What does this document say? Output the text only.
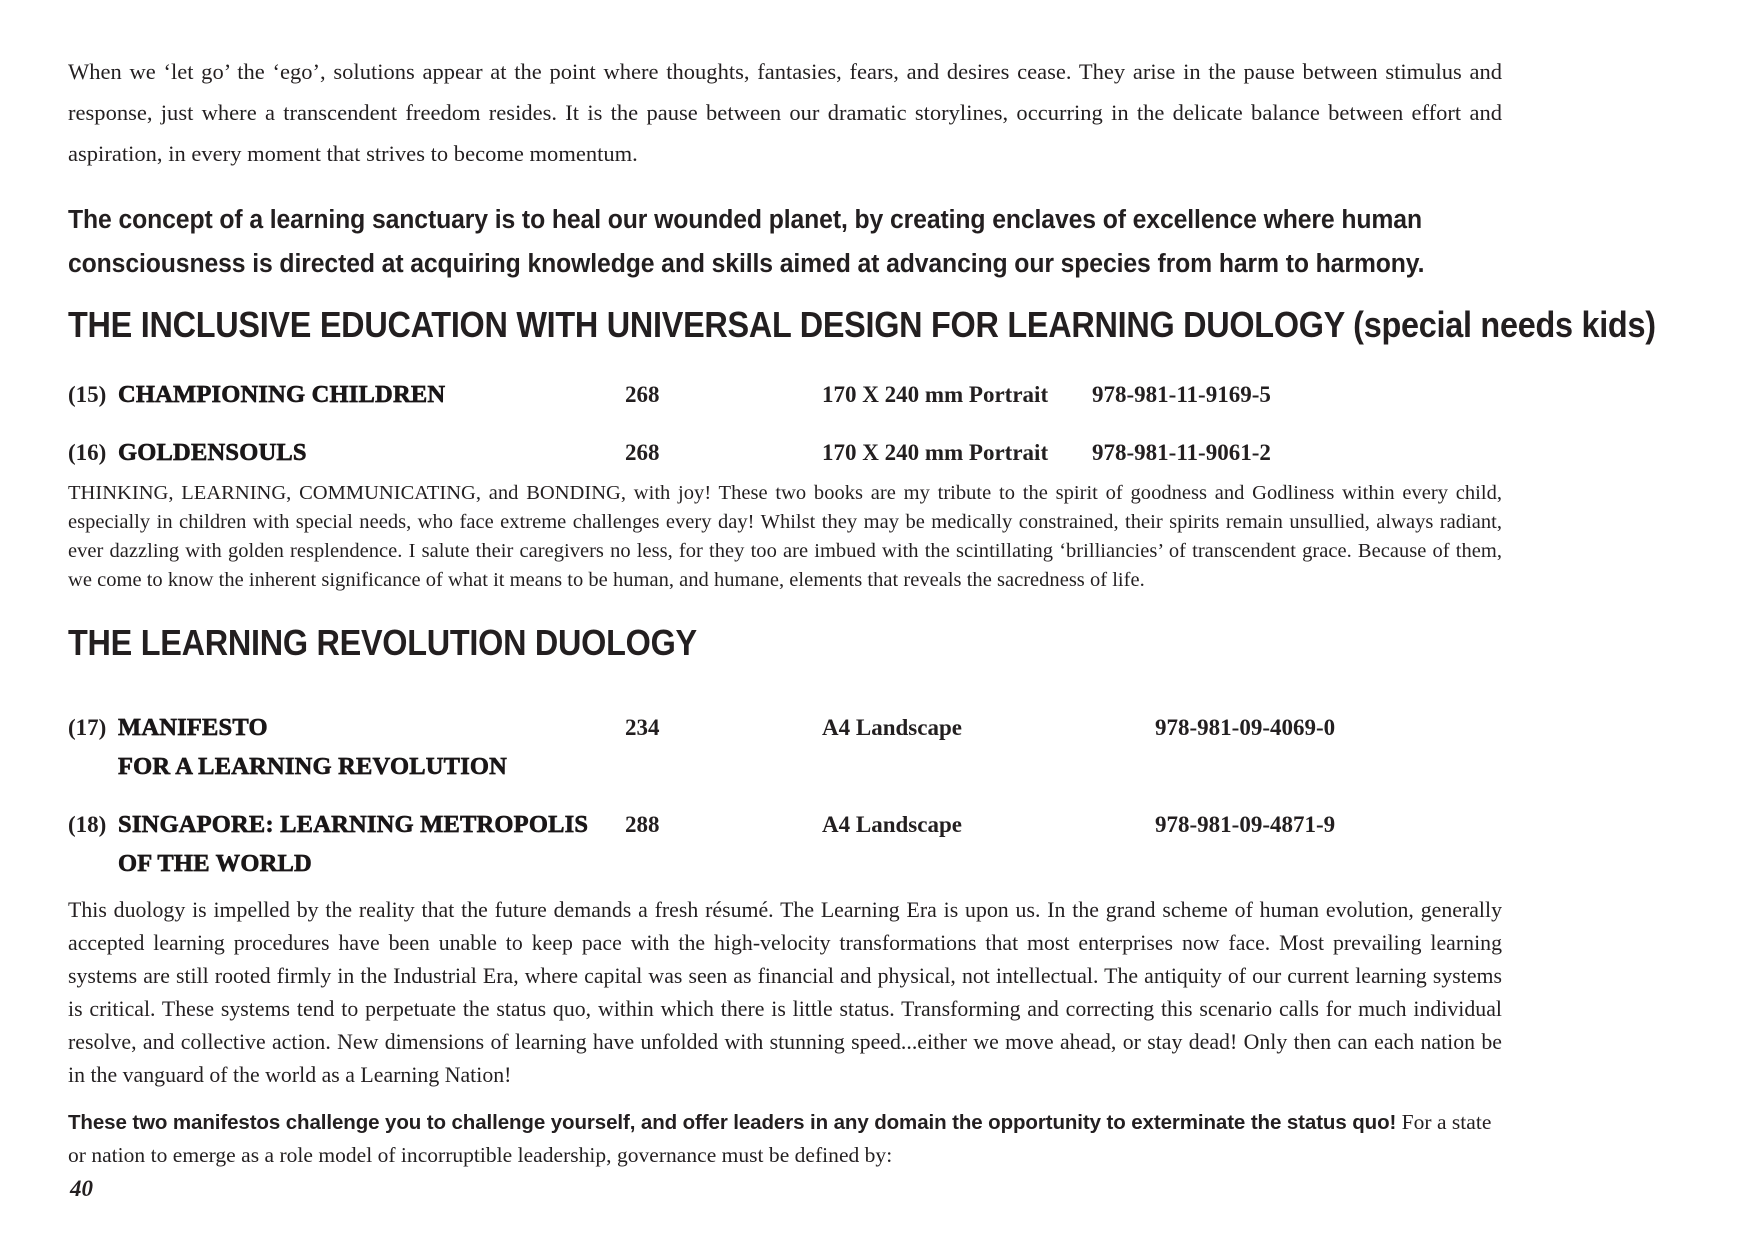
When we ‘let go’ the ‘ego’, solutions appear at the point where thoughts, fantasies, fears, and desires cease. They arise in the pause between stimulus and response, just where a transcendent freedom resides. It is the pause between our dramatic storylines, occurring in the delicate balance between effort and aspiration, in every moment that strives to become momentum.

The concept of a learning sanctuary is to heal our wounded planet, by creating enclaves of excellence where human consciousness is directed at acquiring knowledge and skills aimed at advancing our species from harm to harmony.

THE INCLUSIVE EDUCATION WITH UNIVERSAL DESIGN FOR LEARNING DUOLOGY (special needs kids)
(15) CHAMPIONING CHILDREN	268	170 X 240 mm Portrait	978-981-11-9169-5
(16) GOLDENSOULS	268	170 X 240 mm Portrait	978-981-11-9061-2

THINKING, LEARNING, COMMUNICATING, and BONDING, with joy! These two books are my tribute to the spirit of goodness and Godliness within every child, especially in children with special needs, who face extreme challenges every day! Whilst they may be medically constrained, their spirits remain unsullied, always radiant, ever dazzling with golden resplendence. I salute their caregivers no less, for they too are imbued with the scintillating ‘brilliancies’ of transcendent grace. Because of them, we come to know the inherent significance of what it means to be human, and humane, elements that reveals the sacredness of life.

THE LEARNING REVOLUTION DUOLOGY
(17) MANIFESTO	234	A4 Landscape	978-981-09-4069-0
FOR A LEARNING REVOLUTION
(18) SINGAPORE: LEARNING METROPOLIS	288	A4 Landscape	978-981-09-4871-9
OF THE WORLD

This duology is impelled by the reality that the future demands a fresh résumé. The Learning Era is upon us. In the grand scheme of human evolution, generally accepted learning procedures have been unable to keep pace with the high-velocity transformations that most enterprises now face. Most prevailing learning systems are still rooted firmly in the Industrial Era, where capital was seen as financial and physical, not intellectual. The antiquity of our current learning systems is critical. These systems tend to perpetuate the status quo, within which there is little status. Transforming and correcting this scenario calls for much individual resolve, and collective action. New dimensions of learning have unfolded with stunning speed...either we move ahead, or stay dead! Only then can each nation be in the vanguard of the world as a Learning Nation!

These two manifestos challenge you to challenge yourself, and offer leaders in any domain the opportunity to exterminate the status quo! For a state or nation to emerge as a role model of incorruptible leadership, governance must be defined by:

40
